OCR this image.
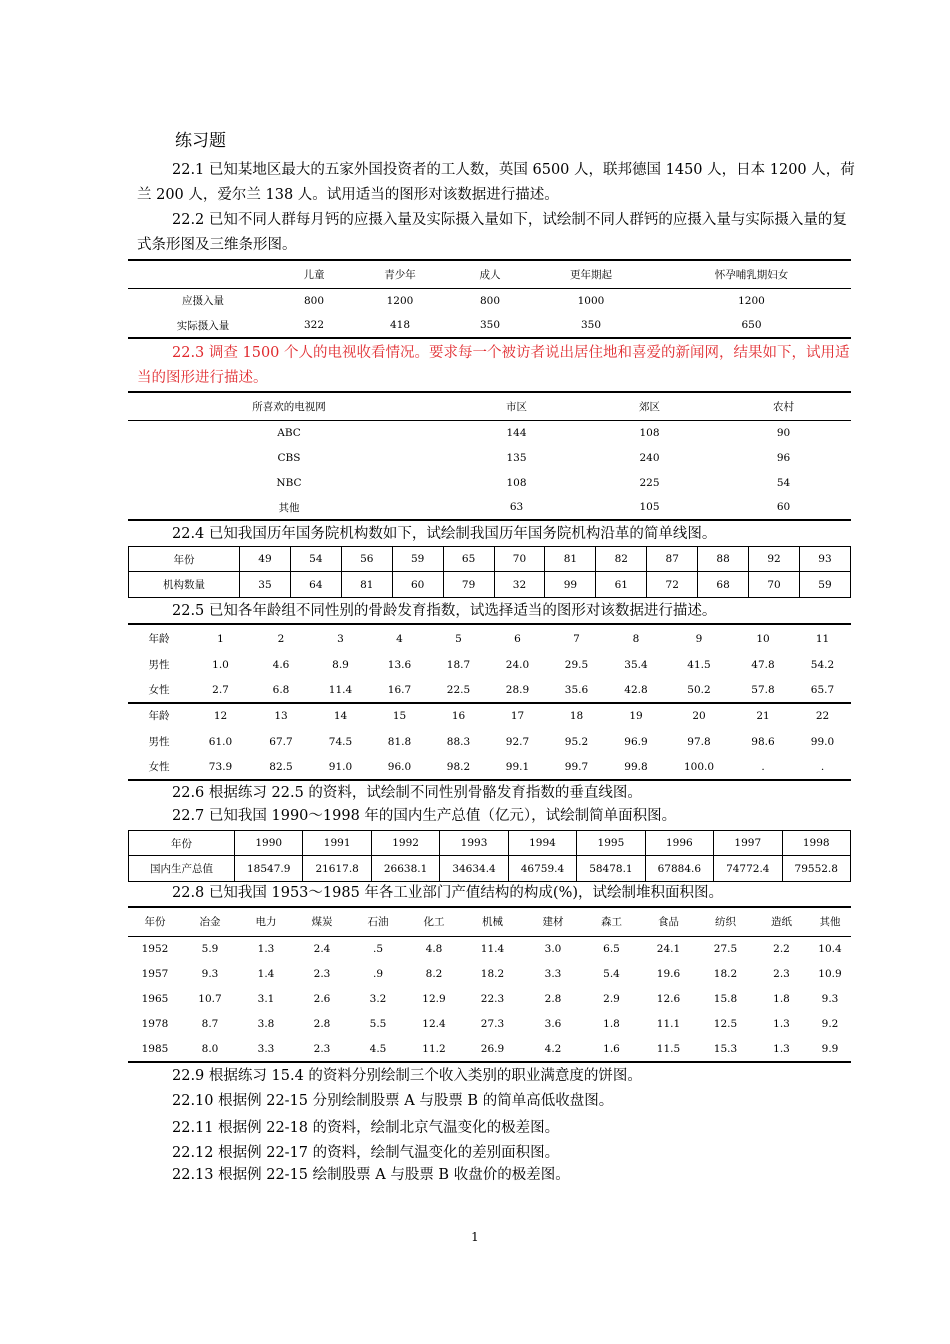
练习题
22.1 已知某地区最大的五家外国投资者的工人数，英国 6500 人，联邦德国 1450 人，日本 1200 人，荷兰 200 人，爱尔兰 138 人。试用适当的图形对该数据进行描述。
22.2 已知不同人群每月钙的应摄入量及实际摄入量如下，试绘制不同人群钙的应摄入量与实际摄入量的复式条形图及三维条形图。
	儿童	青少年	成人	更年期起	怀孕哺乳期妇女
应摄入量	800	1200	800	1000	1200
实际摄入量	322	418	350	350	650
22.3 调查 1500 个人的电视收看情况。要求每一个被访者说出居住地和喜爱的新闻网，结果如下，试用适当的图形进行描述。
所喜欢的电视网	市区	郊区	农村
ABC	144	108	90
CBS	135	240	96
NBC	108	225	54
其他	63	105	60
22.4 已知我国历年国务院机构数如下，试绘制我国历年国务院机构沿革的简单线图。
年份	49	54	56	59	65	70	81	82	87	88	92	93
机构数量	35	64	81	60	79	32	99	61	72	68	70	59
22.5 已知各年龄组不同性别的骨龄发育指数，试选择适当的图形对该数据进行描述。
年龄	1	2	3	4	5	6	7	8	9	10	11
男性	1.0	4.6	8.9	13.6	18.7	24.0	29.5	35.4	41.5	47.8	54.2
女性	2.7	6.8	11.4	16.7	22.5	28.9	35.6	42.8	50.2	57.8	65.7
年龄	12	13	14	15	16	17	18	19	20	21	22
男性	61.0	67.7	74.5	81.8	88.3	92.7	95.2	96.9	97.8	98.6	99.0
女性	73.9	82.5	91.0	96.0	98.2	99.1	99.7	99.8	100.0	.	.
22.6 根据练习 22.5 的资料，试绘制不同性别骨骼发育指数的垂直线图。
22.7 已知我国 1990～1998 年的国内生产总值（亿元），试绘制简单面积图。
年份	1990	1991	1992	1993	1994	1995	1996	1997	1998
国内生产总值	18547.9	21617.8	26638.1	34634.4	46759.4	58478.1	67884.6	74772.4	79552.8
22.8 已知我国 1953～1985 年各工业部门产值结构的构成(%)，试绘制堆积面积图。
年份	冶金	电力	煤炭	石油	化工	机械	建材	森工	食品	纺织	造纸	其他
1952	5.9	1.3	2.4	.5	4.8	11.4	3.0	6.5	24.1	27.5	2.2	10.4
1957	9.3	1.4	2.3	.9	8.2	18.2	3.3	5.4	19.6	18.2	2.3	10.9
1965	10.7	3.1	2.6	3.2	12.9	22.3	2.8	2.9	12.6	15.8	1.8	9.3
1978	8.7	3.8	2.8	5.5	12.4	27.3	3.6	1.8	11.1	12.5	1.3	9.2
1985	8.0	3.3	2.3	4.5	11.2	26.9	4.2	1.6	11.5	15.3	1.3	9.9
22.9 根据练习 15.4 的资料分别绘制三个收入类别的职业满意度的饼图。
22.10 根据例 22-15 分别绘制股票 A 与股票 B 的简单高低收盘图。
22.11 根据例 22-18 的资料，绘制北京气温变化的极差图。
22.12 根据例 22-17 的资料，绘制气温变化的差别面积图。
22.13 根据例 22-15 绘制股票 A 与股票 B 收盘价的极差图。
1
